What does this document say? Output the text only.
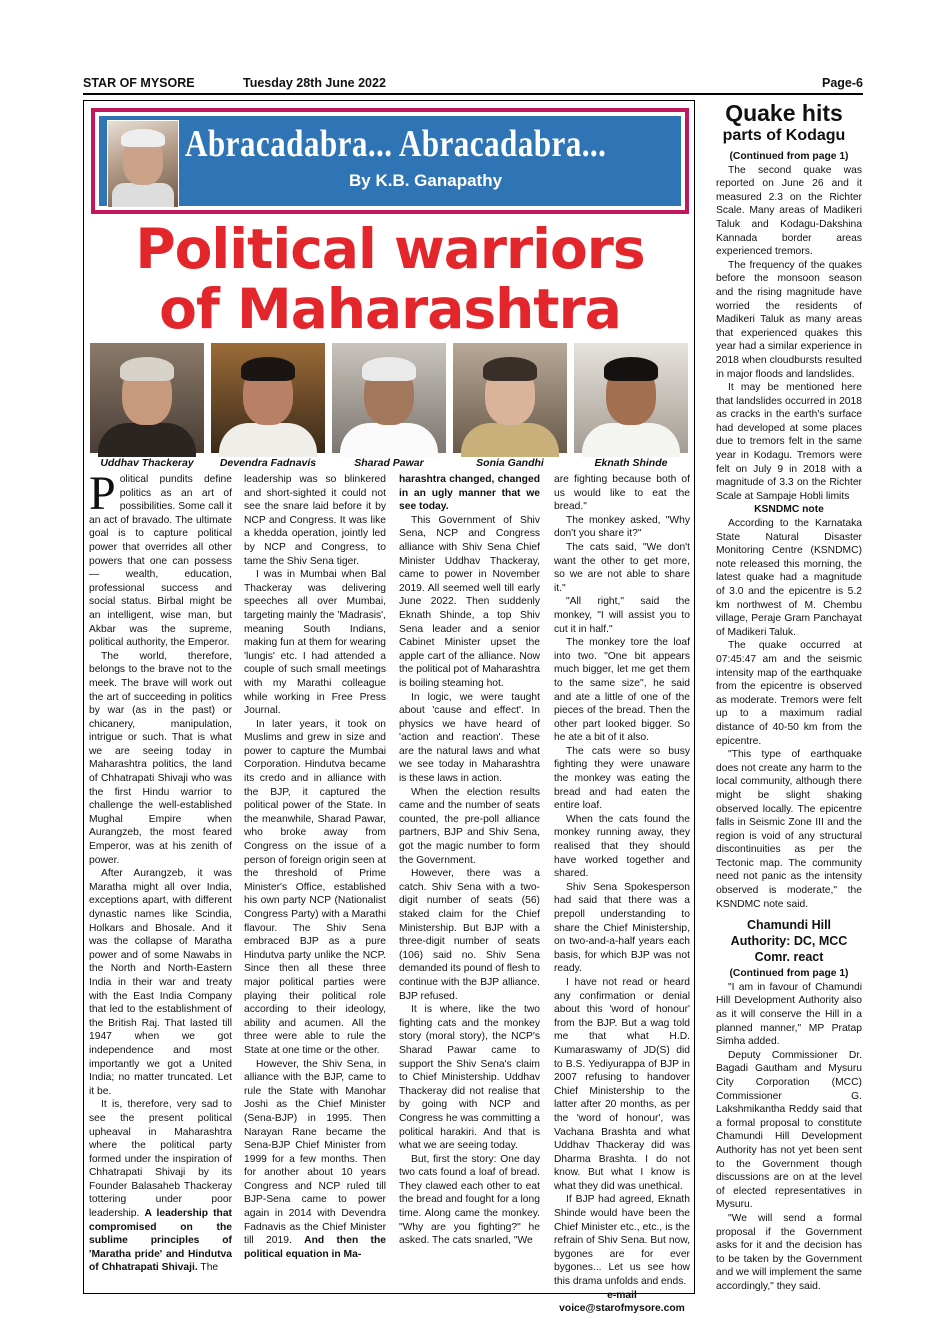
STAR OF MYSORE	Tuesday 28th June 2022	Page-6
Abracadabra... Abracadabra...
By K.B. Ganapathy
Political warriors
of Maharashtra
Uddhav Thackeray	Devendra Fadnavis	Sharad Pawar	Sonia Gandhi	Eknath Shinde

Political pundits define politics as an art of possibilities. Some call it an act of bravado. The ultimate goal is to capture political power that overrides all other powers that one can possess — wealth, education, professional success and social status. Birbal might be an intelligent, wise man, but Akbar was the supreme, political authority, the Emperor.

The world, therefore, belongs to the brave not to the meek. The brave will work out the art of succeeding in politics by war (as in the past) or chicanery, manipulation, intrigue or such. That is what we are seeing today in Maharashtra politics, the land of Chhatrapati Shivaji who was the first Hindu warrior to challenge the well-established Mughal Empire when Aurangzeb, the most feared Emperor, was at his zenith of power.

After Aurangzeb, it was Maratha might all over India, exceptions apart, with different dynastic names like Scindia, Holkars and Bhosale. And it was the collapse of Maratha power and of some Nawabs in the North and North-Eastern India in their war and treaty with the East India Company that led to the establishment of the British Raj. That lasted till 1947 when we got independence and most importantly we got a United India; no matter truncated. Let it be.

It is, therefore, very sad to see the present political upheaval in Maharashtra where the political party formed under the inspiration of Chhatrapati Shivaji by its Founder Balasaheb Thackeray tottering under poor leadership. A leadership that compromised on the sublime principles of 'Maratha pride' and Hindutva of Chhatrapati Shivaji. The

leadership was so blinkered and short-sighted it could not see the snare laid before it by NCP and Congress. It was like a khedda operation, jointly led by NCP and Congress, to tame the Shiv Sena tiger.

I was in Mumbai when Bal Thackeray was delivering speeches all over Mumbai, targeting mainly the 'Madrasis', meaning South Indians, making fun at them for wearing 'lungis' etc. I had attended a couple of such small meetings with my Marathi colleague while working in Free Press Journal.

In later years, it took on Muslims and grew in size and power to capture the Mumbai Corporation. Hindutva became its credo and in alliance with the BJP, it captured the political power of the State. In the meanwhile, Sharad Pawar, who broke away from Congress on the issue of a person of foreign origin seen at the threshold of Prime Minister's Office, established his own party NCP (Nationalist Congress Party) with a Marathi flavour. The Shiv Sena embraced BJP as a pure Hindutva party unlike the NCP. Since then all these three major political parties were playing their political role according to their ideology, ability and acumen. All the three were able to rule the State at one time or the other.

However, the Shiv Sena, in alliance with the BJP, came to rule the State with Manohar Joshi as the Chief Minister (Sena-BJP) in 1995. Then Narayan Rane became the Sena-BJP Chief Minister from 1999 for a few months. Then for another about 10 years Congress and NCP ruled till BJP-Sena came to power again in 2014 with Devendra Fadnavis as the Chief Minister till 2019. And then the political equation in Ma-

harashtra changed, changed in an ugly manner that we see today.

This Government of Shiv Sena, NCP and Congress alliance with Shiv Sena Chief Minister Uddhav Thackeray, came to power in November 2019. All seemed well till early June 2022. Then suddenly Eknath Shinde, a top Shiv Sena leader and a senior Cabinet Minister upset the apple cart of the alliance. Now the political pot of Maharashtra is boiling steaming hot.

In logic, we were taught about 'cause and effect'. In physics we have heard of 'action and reaction'. These are the natural laws and what we see today in Maharashtra is these laws in action.

When the election results came and the number of seats counted, the pre-poll alliance partners, BJP and Shiv Sena, got the magic number to form the Government.

However, there was a catch. Shiv Sena with a two-digit number of seats (56) staked claim for the Chief Ministership. But BJP with a three-digit number of seats (106) said no. Shiv Sena demanded its pound of flesh to continue with the BJP alliance. BJP refused.

It is where, like the two fighting cats and the monkey story (moral story), the NCP's Sharad Pawar came to support the Shiv Sena's claim to Chief Ministership. Uddhav Thackeray did not realise that by going with NCP and Congress he was committing a political harakiri. And that is what we are seeing today.

But, first the story: One day two cats found a loaf of bread. They clawed each other to eat the bread and fought for a long time. Along came the monkey. "Why are you fighting?" he asked. The cats snarled, "We

are fighting because both of us would like to eat the bread."

The monkey asked, "Why don't you share it?"

The cats said, "We don't want the other to get more, so we are not able to share it."

"All right," said the monkey, "I will assist you to cut it in half."

The monkey tore the loaf into two. "One bit appears much bigger, let me get them to the same size", he said and ate a little of one of the pieces of the bread. Then the other part looked bigger. So he ate a bit of it also.

The cats were so busy fighting they were unaware the monkey was eating the bread and had eaten the entire loaf.

When the cats found the monkey running away, they realised that they should have worked together and shared.

Shiv Sena Spokesperson had said that there was a prepoll understanding to share the Chief Ministership, on two-and-a-half years each basis, for which BJP was not ready.

I have not read or heard any confirmation or denial about this 'word of honour' from the BJP. But a wag told me that what H.D. Kumaraswamy of JD(S) did to B.S. Yediyurappa of BJP in 2007 refusing to handover Chief Ministership to the latter after 20 months, as per the 'word of honour', was Vachana Brashta and what Uddhav Thackeray did was Dharma Brashta. I do not know. But what I know is what they did was unethical.

If BJP had agreed, Eknath Shinde would have been the Chief Minister etc., etc., is the refrain of Shiv Sena. But now, bygones are for ever bygones... Let us see how this drama unfolds and ends.

e-mail

voice@starofmysore.com

Quake hits
parts of Kodagu

(Continued from page 1)

The second quake was reported on June 26 and it measured 2.3 on the Richter Scale. Many areas of Madikeri Taluk and Kodagu-Dakshina Kannada border areas experienced tremors.

The frequency of the quakes before the monsoon season and the rising magnitude have worried the residents of Madikeri Taluk as many areas that experienced quakes this year had a similar experience in 2018 when cloudbursts resulted in major floods and landslides.

It may be mentioned here that landslides occurred in 2018 as cracks in the earth's surface had developed at some places due to tremors felt in the same year in Kodagu. Tremors were felt on July 9 in 2018 with a magnitude of 3.3 on the Richter Scale at Sampaje Hobli limits

KSNDMC note

According to the Karnataka State Natural Disaster Monitoring Centre (KSNDMC) note released this morning, the latest quake had a magnitude of 3.0 and the epicentre is 5.2 km northwest of M. Chembu village, Peraje Gram Panchayat of Madikeri Taluk.

The quake occurred at 07:45:47 am and the seismic intensity map of the earthquake from the epicentre is observed as moderate. Tremors were felt up to a maximum radial distance of 40-50 km from the epicentre.

"This type of earthquake does not create any harm to the local community, although there might be slight shaking observed locally. The epicentre falls in Seismic Zone III and the region is void of any structural discontinuities as per the Tectonic map. The community need not panic as the intensity observed is moderate," the KSNDMC note said.

Chamundi Hill Authority: DC, MCC Comr. react

(Continued from page 1)

"I am in favour of Chamundi Hill Development Authority also as it will conserve the Hill in a planned manner," MP Pratap Simha added.

Deputy Commissioner Dr. Bagadi Gautham and Mysuru City Corporation (MCC) Commissioner G. Lakshmikantha Reddy said that a formal proposal to constitute Chamundi Hill Development Authority has not yet been sent to the Government though discussions are on at the level of elected representatives in Mysuru.

"We will send a formal proposal if the Government asks for it and the decision has to be taken by the Government and we will implement the same accordingly," they said.
